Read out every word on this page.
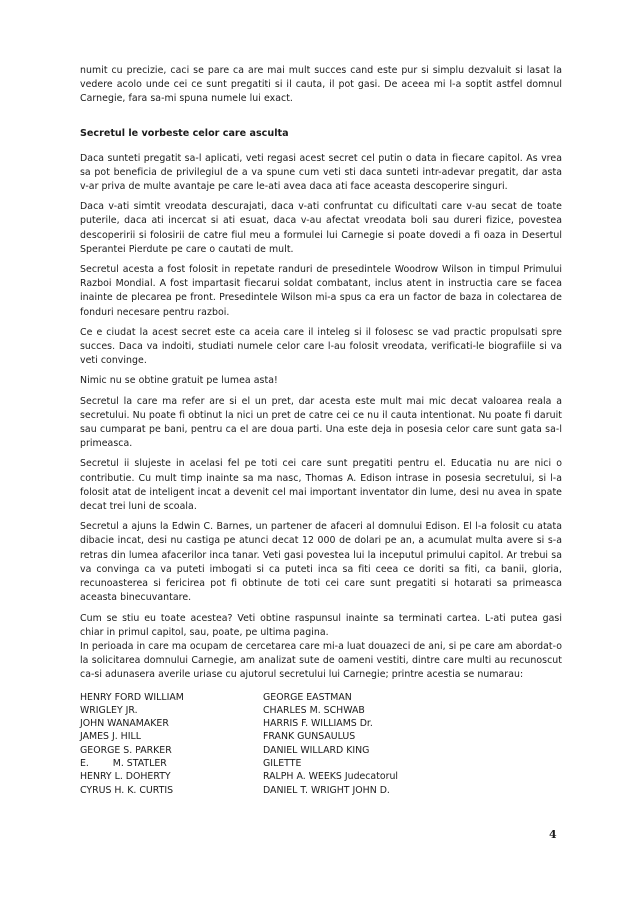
numit cu precizie, caci se pare ca are mai mult succes cand este pur si simplu dezvaluit si lasat la vedere acolo unde cei ce sunt pregatiti si il cauta, il pot gasi. De aceea mi l-a soptit astfel domnul Carnegie, fara sa-mi spuna numele lui exact.

Secretul le vorbeste celor care asculta

Daca sunteti pregatit sa-l aplicati, veti regasi acest secret cel putin o data in fiecare capitol. As vrea sa pot beneficia de privilegiul de a va spune cum veti sti daca sunteti intr-adevar pregatit, dar asta v-ar priva de multe avantaje pe care le-ati avea daca ati face aceasta descoperire singuri.

Daca v-ati simtit vreodata descurajati, daca v-ati confruntat cu dificultati care v-au secat de toate puterile, daca ati incercat si ati esuat, daca v-au afectat vreodata boli sau dureri fizice, povestea descoperirii si folosirii de catre fiul meu a formulei lui Carnegie si poate dovedi a fi oaza in Desertul Sperantei Pierdute pe care o cautati de mult.

Secretul acesta a fost folosit in repetate randuri de presedintele Woodrow Wilson in timpul Primului Razboi Mondial. A fost impartasit fiecarui soldat combatant, inclus atent in instructia care se facea inainte de plecarea pe front. Presedintele Wilson mi-a spus ca era un factor de baza in colectarea de fonduri necesare pentru razboi.

Ce e ciudat la acest secret este ca aceia care il inteleg si il folosesc se vad practic propulsati spre succes. Daca va indoiti, studiati numele celor care l-au folosit vreodata, verificati-le biografiile si va veti convinge.

Nimic nu se obtine gratuit pe lumea asta!

Secretul la care ma refer are si el un pret, dar acesta este mult mai mic decat valoarea reala a secretului. Nu poate fi obtinut la nici un pret de catre cei ce nu il cauta intentionat. Nu poate fi daruit sau cumparat pe bani, pentru ca el are doua parti. Una este deja in posesia celor care sunt gata sa-l primeasca.

Secretul ii slujeste in acelasi fel pe toti cei care sunt pregatiti pentru el. Educatia nu are nici o contributie. Cu mult timp inainte sa ma nasc, Thomas A. Edison intrase in posesia secretului, si l-a folosit atat de inteligent incat a devenit cel mai important inventator din lume, desi nu avea in spate decat trei luni de scoala.

Secretul a ajuns la Edwin C. Barnes, un partener de afaceri al domnului Edison. El l-a folosit cu atata dibacie incat, desi nu castiga pe atunci decat 12 000 de dolari pe an, a acumulat multa avere si s-a retras din lumea afacerilor inca tanar. Veti gasi povestea lui la inceputul primului capitol. Ar trebui sa va convinga ca va puteti imbogati si ca puteti inca sa fiti ceea ce doriti sa fiti, ca banii, gloria, recunoasterea si fericirea pot fi obtinute de toti cei care sunt pregatiti si hotarati sa primeasca aceasta binecuvantare.

Cum se stiu eu toate acestea? Veti obtine raspunsul inainte sa terminati cartea. L-ati putea gasi chiar in primul capitol, sau, poate, pe ultima pagina.

In perioada in care ma ocupam de cercetarea care mi-a luat douazeci de ani, si pe care am abordat-o la solicitarea domnului Carnegie, am analizat sute de oameni vestiti, dintre care multi au recunoscut ca-si adunasera averile uriase cu ajutorul secretului lui Carnegie; printre acestia se numarau:

HENRY FORD WILLIAM	GEORGE EASTMAN
WRIGLEY JR.	CHARLES M. SCHWAB
JOHN WANAMAKER	HARRIS F. WILLIAMS Dr.
JAMES J. HILL	FRANK GUNSAULUS
GEORGE S. PARKER	DANIEL WILLARD KING
E.        M. STATLER	GILETTE
HENRY L. DOHERTY	RALPH A. WEEKS Judecatorul
CYRUS H. K. CURTIS	DANIEL T. WRIGHT JOHN D.
4
